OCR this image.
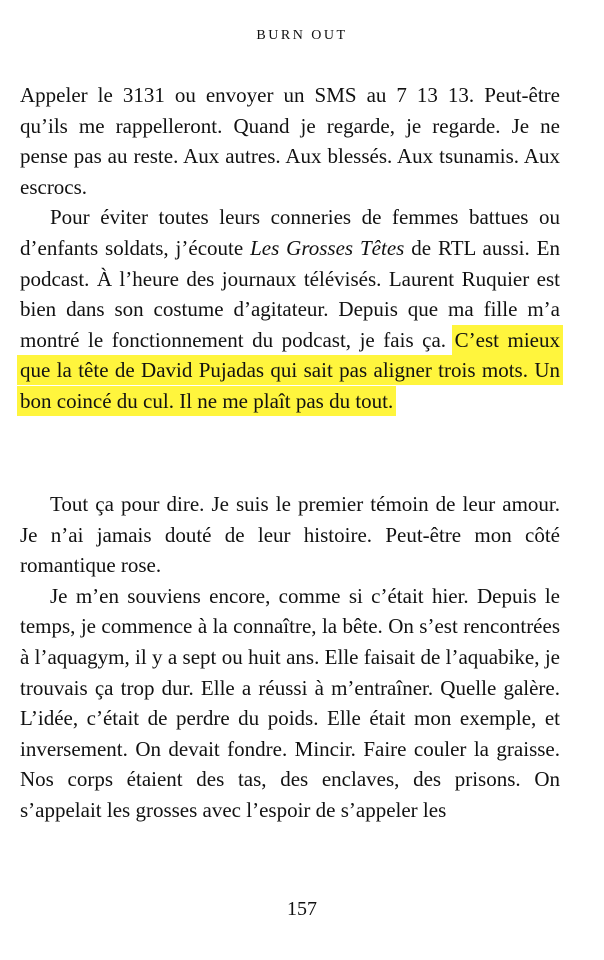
BURN OUT

Appeler le 3131 ou envoyer un SMS au 7 13 13. Peut-être qu’ils me rappelleront. Quand je regarde, je regarde. Je ne pense pas au reste. Aux autres. Aux blessés. Aux tsunamis. Aux escrocs.

Pour éviter toutes leurs conneries de femmes battues ou d’enfants soldats, j’écoute Les Grosses Têtes de RTL aussi. En podcast. À l’heure des journaux télévisés. Laurent Ruquier est bien dans son costume d’agitateur. Depuis que ma fille m’a montré le fonctionnement du podcast, je fais ça. C’est mieux que la tête de David Pujadas qui sait pas aligner trois mots. Un bon coincé du cul. Il ne me plaît pas du tout.

Tout ça pour dire. Je suis le premier témoin de leur amour. Je n’ai jamais douté de leur histoire. Peut-être mon côté romantique rose.

Je m’en souviens encore, comme si c’était hier. Depuis le temps, je commence à la connaître, la bête. On s’est rencontrées à l’aquagym, il y a sept ou huit ans. Elle faisait de l’aquabike, je trouvais ça trop dur. Elle a réussi à m’entraîner. Quelle galère. L’idée, c’était de perdre du poids. Elle était mon exemple, et inversement. On devait fondre. Mincir. Faire couler la graisse. Nos corps étaient des tas, des enclaves, des prisons. On s’appelait les grosses avec l’espoir de s’appeler les

157
